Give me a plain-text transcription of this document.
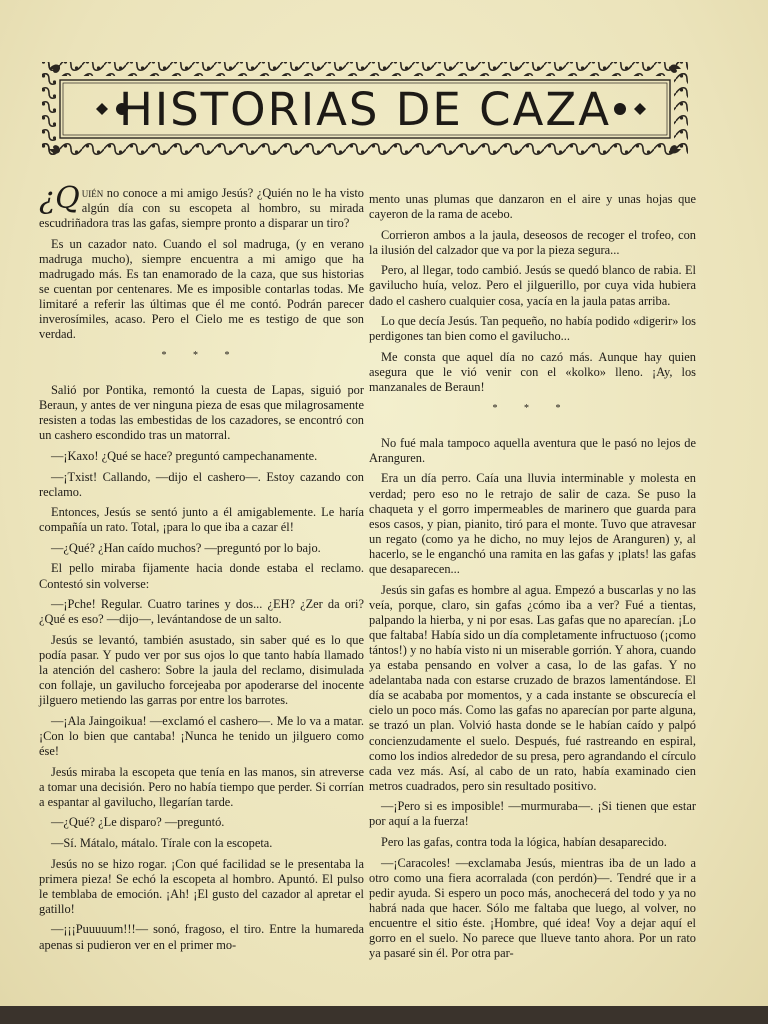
HISTORIAS DE CAZA

¿Q uién no conoce a mi amigo Jesús? ¿Quién no le ha visto algún día con su escopeta al hombro, su mirada escudriñadora tras las gafas, siempre pronto a disparar un tiro?

Es un cazador nato. Cuando el sol madruga, (y en verano madruga mucho), siempre encuentra a mi amigo que ha madrugado más. Es tan enamorado de la caza, que sus historias se cuentan por centenares. Me es imposible contarlas todas. Me limitaré a referir las últimas que él me contó. Podrán parecer inverosímiles, acaso. Pero el Cielo me es testigo de que son verdad.

* * *

Salió por Pontika, remontó la cuesta de Lapas, siguió por Beraun, y antes de ver ninguna pieza de esas que milagrosamente resisten a todas las embestidas de los cazadores, se encontró con un cashero escondido tras un matorral.

—¡Kaxo! ¿Qué se hace? preguntó campechanamente.

—¡Txist! Callando, —dijo el cashero—. Estoy cazando con reclamo.

Entonces, Jesús se sentó junto a él amigablemente. Le haría compañía un rato. Total, ¡para lo que iba a cazar él!

—¿Qué? ¿Han caído muchos? —preguntó por lo bajo.

El pello miraba fijamente hacia donde estaba el reclamo. Contestó sin volverse:

—¡Pche! Regular. Cuatro tarines y dos... ¿EH? ¿Zer da ori? ¿Qué es eso? —dijo—, levántandose de un salto.

Jesús se levantó, también asustado, sin saber qué es lo que podía pasar. Y pudo ver por sus ojos lo que tanto había llamado la atención del cashero: Sobre la jaula del reclamo, disimulada con follaje, un gavilucho forcejeaba por apoderarse del inocente jilguero metiendo las garras por entre los barrotes.

—¡Ala Jaingoikua! —exclamó el cashero—. Me lo va a matar. ¡Con lo bien que cantaba! ¡Nunca he tenido un jilguero como ése!

Jesús miraba la escopeta que tenía en las manos, sin atreverse a tomar una decisión. Pero no había tiempo que perder. Si corrían a espantar al gavilucho, llegarían tarde.

—¿Qué? ¿Le disparo? —preguntó.

—Sí. Mátalo, mátalo. Tírale con la escopeta.

Jesús no se hizo rogar. ¡Con qué facilidad se le presentaba la primera pieza! Se echó la escopeta al hombro. Apuntó. El pulso le temblaba de emoción. ¡Ah! ¡El gusto del cazador al apretar el gatillo!

—¡¡¡Puuuuum!!!— sonó, fragoso, el tiro. Entre la humareda apenas si pudieron ver en el primer mo-

mento unas plumas que danzaron en el aire y unas hojas que cayeron de la rama de acebo.

Corrieron ambos a la jaula, deseosos de recoger el trofeo, con la ilusión del calzador que va por la pieza segura...

Pero, al llegar, todo cambió. Jesús se quedó blanco de rabia. El gavilucho huía, veloz. Pero el jilguerillo, por cuya vida hubiera dado el cashero cualquier cosa, yacía en la jaula patas arriba.

Lo que decía Jesús. Tan pequeño, no había podido «digerir» los perdigones tan bien como el gavilucho...

Me consta que aquel día no cazó más. Aunque hay quien asegura que le vió venir con el «kolko» lleno. ¡Ay, los manzanales de Beraun!

* * *

No fué mala tampoco aquella aventura que le pasó no lejos de Aranguren.

Era un día perro. Caía una lluvia interminable y molesta en verdad; pero eso no le retrajo de salir de caza. Se puso la chaqueta y el gorro impermeables de marinero que guarda para esos casos, y pian, pianito, tiró para el monte. Tuvo que atravesar un regato (como ya he dicho, no muy lejos de Aranguren) y, al hacerlo, se le enganchó una ramita en las gafas y ¡plats! las gafas que desaparecen...

Jesús sin gafas es hombre al agua. Empezó a buscarlas y no las veía, porque, claro, sin gafas ¿cómo iba a ver? Fué a tientas, palpando la hierba, y ni por esas. Las gafas que no aparecían. ¡Lo que faltaba! Había sido un día completamente infructuoso (¡como tántos!) y no había visto ni un miserable gorrión. Y ahora, cuando ya estaba pensando en volver a casa, lo de las gafas. Y no adelantaba nada con estarse cruzado de brazos lamentándose. El día se acababa por momentos, y a cada instante se obscurecía el cielo un poco más. Como las gafas no aparecían por parte alguna, se trazó un plan. Volvió hasta donde se le habían caído y palpó concienzudamente el suelo. Después, fué rastreando en espiral, como los indios alrededor de su presa, pero agrandando el círculo cada vez más. Así, al cabo de un rato, había examinado cien metros cuadrados, pero sin resultado positivo.

—¡Pero si es imposible! —murmuraba—. ¡Si tienen que estar por aquí a la fuerza!

Pero las gafas, contra toda la lógica, habían desaparecido.

—¡Caracoles! —exclamaba Jesús, mientras iba de un lado a otro como una fiera acorralada (con perdón)—. Tendré que ir a pedir ayuda. Si espero un poco más, anochecerá del todo y ya no habrá nada que hacer. Sólo me faltaba que luego, al volver, no encuentre el sitio éste. ¡Hombre, qué idea! Voy a dejar aquí el gorro en el suelo. No parece que llueve tanto ahora. Por un rato ya pasaré sin él. Por otra par-
